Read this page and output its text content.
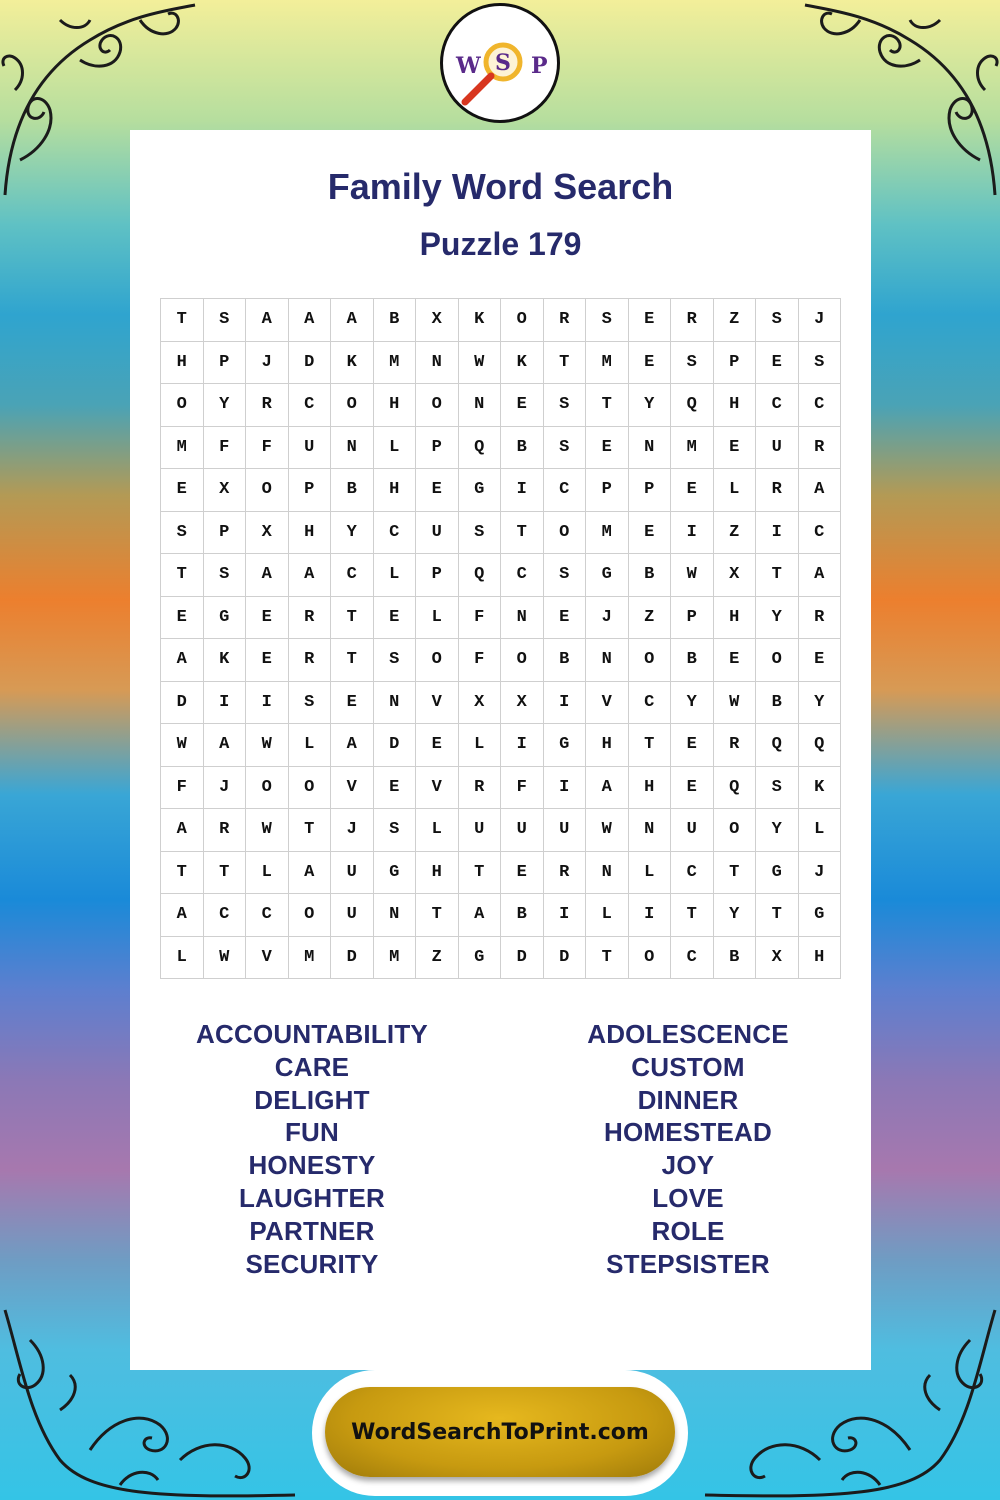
W S P
Family Word Search
Puzzle 179
T	S	A	A	A	B	X	K	O	R	S	E	R	Z	S	J
H	P	J	D	K	M	N	W	K	T	M	E	S	P	E	S
O	Y	R	C	O	H	O	N	E	S	T	Y	Q	H	C	C
M	F	F	U	N	L	P	Q	B	S	E	N	M	E	U	R
E	X	O	P	B	H	E	G	I	C	P	P	E	L	R	A
S	P	X	H	Y	C	U	S	T	O	M	E	I	Z	I	C
T	S	A	A	C	L	P	Q	C	S	G	B	W	X	T	A
E	G	E	R	T	E	L	F	N	E	J	Z	P	H	Y	R
A	K	E	R	T	S	O	F	O	B	N	O	B	E	O	E
D	I	I	S	E	N	V	X	X	I	V	C	Y	W	B	Y
W	A	W	L	A	D	E	L	I	G	H	T	E	R	Q	Q
F	J	O	O	V	E	V	R	F	I	A	H	E	Q	S	K
A	R	W	T	J	S	L	U	U	U	W	N	U	O	Y	L
T	T	L	A	U	G	H	T	E	R	N	L	C	T	G	J
A	C	C	O	U	N	T	A	B	I	L	I	T	Y	T	G
L	W	V	M	D	M	Z	G	D	D	T	O	C	B	X	H
ACCOUNTABILITY
CARE
DELIGHT
FUN
HONESTY
LAUGHTER
PARTNER
SECURITY
ADOLESCENCE
CUSTOM
DINNER
HOMESTEAD
JOY
LOVE
ROLE
STEPSISTER
WordSearchToPrint.com
